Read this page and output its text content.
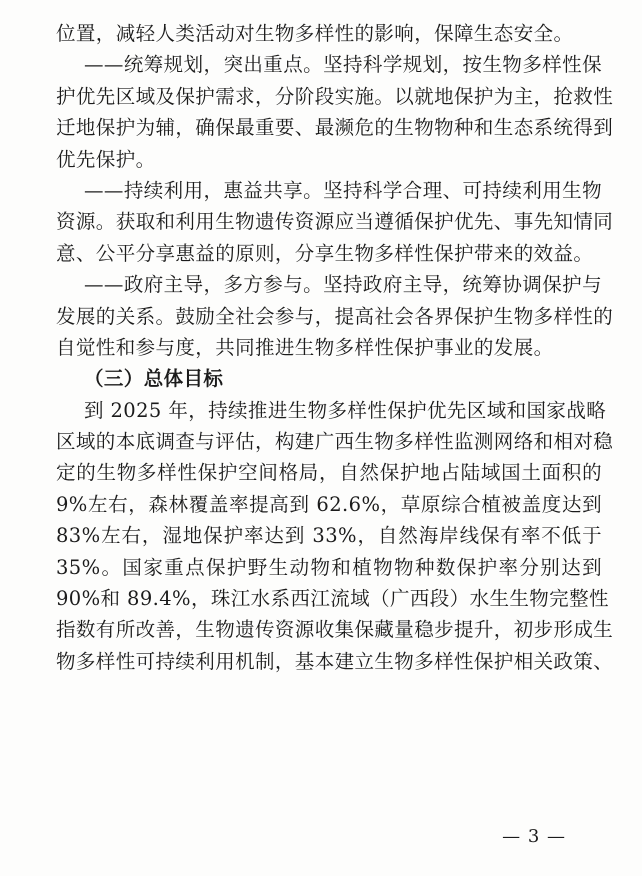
位置，减轻人类活动对生物多样性的影响，保障生态安全。
——统筹规划，突出重点。坚持科学规划，按生物多样性保
护优先区域及保护需求，分阶段实施。以就地保护为主，抢救性
迁地保护为辅，确保最重要、最濒危的生物物种和生态系统得到
优先保护。
——持续利用，惠益共享。坚持科学合理、可持续利用生物
资源。获取和利用生物遗传资源应当遵循保护优先、事先知情同
意、公平分享惠益的原则，分享生物多样性保护带来的效益。
——政府主导，多方参与。坚持政府主导，统筹协调保护与
发展的关系。鼓励全社会参与，提高社会各界保护生物多样性的
自觉性和参与度，共同推进生物多样性保护事业的发展。
（三）总体目标
到 2025 年，持续推进生物多样性保护优先区域和国家战略
区域的本底调查与评估，构建广西生物多样性监测网络和相对稳
定的生物多样性保护空间格局，自然保护地占陆域国土面积的
9%左右，森林覆盖率提高到 62.6%，草原综合植被盖度达到
83%左右，湿地保护率达到 33%，自然海岸线保有率不低于
35%。国家重点保护野生动物和植物物种数保护率分别达到
90%和 89.4%，珠江水系西江流域（广西段）水生生物完整性
指数有所改善，生物遗传资源收集保藏量稳步提升，初步形成生
物多样性可持续利用机制，基本建立生物多样性保护相关政策、
— 3 —
